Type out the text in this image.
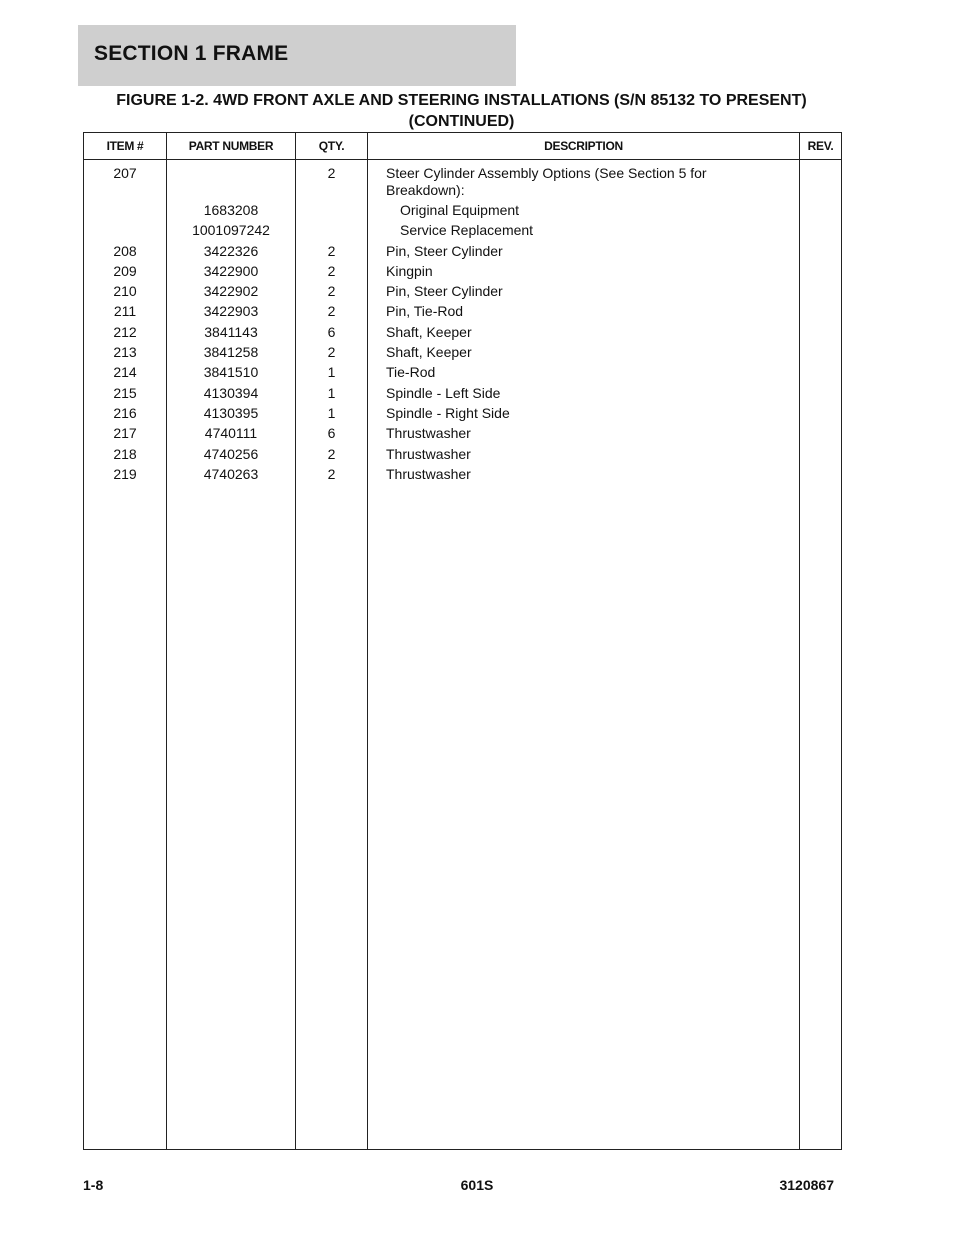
SECTION 1 FRAME
FIGURE 1-2. 4WD FRONT AXLE AND STEERING INSTALLATIONS (S/N 85132 TO PRESENT)
(CONTINUED)
ITEM #	PART NUMBER	QTY.	DESCRIPTION	REV.
207		2	Steer Cylinder Assembly Options (See Section 5 for Breakdown):	
	1683208		Original Equipment	
	1001097242		Service Replacement	
208	3422326	2	Pin, Steer Cylinder	
209	3422900	2	Kingpin	
210	3422902	2	Pin, Steer Cylinder	
211	3422903	2	Pin, Tie-Rod	
212	3841143	6	Shaft, Keeper	
213	3841258	2	Shaft, Keeper	
214	3841510	1	Tie-Rod	
215	4130394	1	Spindle - Left Side	
216	4130395	1	Spindle - Right Side	
217	4740111	6	Thrustwasher	
218	4740256	2	Thrustwasher	
219	4740263	2	Thrustwasher	

1-8	601S	3120867
